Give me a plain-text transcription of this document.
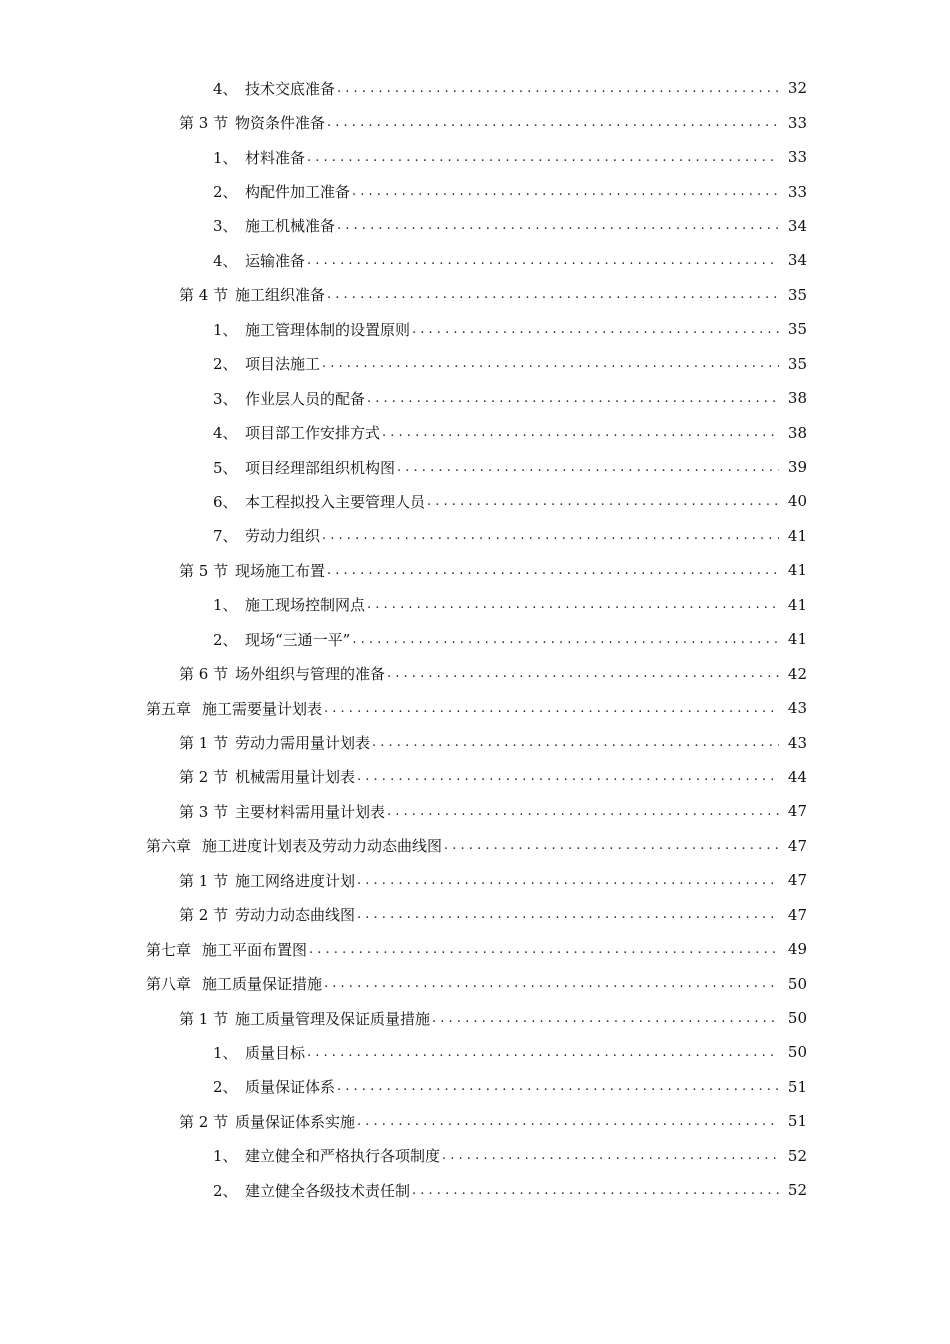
4、 技术交底准备 . . .	32
第 3 节 物资条件准备 . . .	33
1、 材料准备 . . .	33
2、 构配件加工准备 . . .	33
3、 施工机械准备 . . .	34
4、 运输准备 . . .	34
第 4 节 施工组织准备 . . .	35
1、 施工管理体制的设置原则 . . .	35
2、 项目法施工 . . .	35
3、 作业层人员的配备 . . .	38
4、 项目部工作安排方式 . . .	38
5、 项目经理部组织机构图 . . .	39
6、 本工程拟投入主要管理人员 . . .	40
7、 劳动力组织 . . .	41
第 5 节 现场施工布置 . . .	41
1、 施工现场控制网点 . . .	41
2、 现场“三通一平” . . .	41
第 6 节 场外组织与管理的准备 . . .	42
第五章 施工需要量计划表 . . .	43
第 1 节 劳动力需用量计划表 . . .	43
第 2 节 机械需用量计划表 . . .	44
第 3 节 主要材料需用量计划表 . . .	47
第六章 施工进度计划表及劳动力动态曲线图 . . .	47
第 1 节 施工网络进度计划 . . .	47
第 2 节 劳动力动态曲线图 . . .	47
第七章 施工平面布置图 . . .	49
第八章 施工质量保证措施 . . .	50
第 1 节 施工质量管理及保证质量措施 . . .	50
1、 质量目标 . . .	50
2、 质量保证体系 . . .	51
第 2 节 质量保证体系实施 . . .	51
1、 建立健全和严格执行各项制度 . . .	52
2、 建立健全各级技术责任制 . . .	52
